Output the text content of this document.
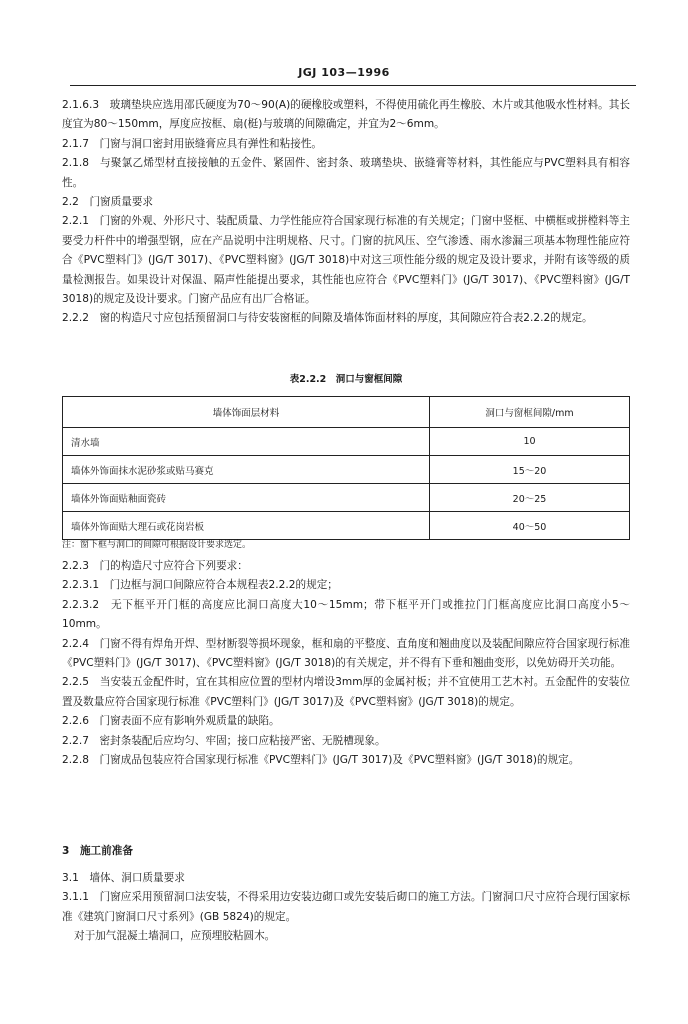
JGJ 103—1996

2.1.6.3　玻璃垫块应选用邵氏硬度为70～90(A)的硬橡胶或塑料，不得使用硫化再生橡胶、木片或其他吸水性材料。其长度宜为80～150mm，厚度应按框、扇(梃)与玻璃的间隙确定，并宜为2～6mm。

2.1.7　门窗与洞口密封用嵌缝膏应具有弹性和粘接性。

2.1.8　与聚氯乙烯型材直接接触的五金件、紧固件、密封条、玻璃垫块、嵌缝膏等材料，其性能应与PVC塑料具有相容性。

2.2　门窗质量要求

2.2.1　门窗的外观、外形尺寸、装配质量、力学性能应符合国家现行标准的有关规定；门窗中竖框、中横框或拼樘料等主要受力杆件中的增强型钢，应在产品说明中注明规格、尺寸。门窗的抗风压、空气渗透、雨水渗漏三项基本物理性能应符合《PVC塑料门》(JG/T 3017)、《PVC塑料窗》(JG/T 3018)中对这三项性能分级的规定及设计要求，并附有该等级的质量检测报告。如果设计对保温、隔声性能提出要求，其性能也应符合《PVC塑料门》(JG/T 3017)、《PVC塑料窗》(JG/T 3018)的规定及设计要求。门窗产品应有出厂合格证。

2.2.2　窗的构造尺寸应包括预留洞口与待安装窗框的间隙及墙体饰面材料的厚度，其间隙应符合表2.2.2的规定。

表2.2.2　洞口与窗框间隙
墙体饰面层材料	洞口与窗框间隙/mm
清水墙	10
墙体外饰面抹水泥砂浆或贴马赛克	15～20
墙体外饰面贴釉面瓷砖	20～25
墙体外饰面贴大理石或花岗岩板	40～50
注：窗下框与洞口的间隙可根据设计要求选定。

2.2.3　门的构造尺寸应符合下列要求：

2.2.3.1　门边框与洞口间隙应符合本规程表2.2.2的规定；

2.2.3.2　无下框平开门框的高度应比洞口高度大10～15mm；带下框平开门或推拉门门框高度应比洞口高度小5～10mm。

2.2.4　门窗不得有焊角开焊、型材断裂等损坏现象，框和扇的平整度、直角度和翘曲度以及装配间隙应符合国家现行标准《PVC塑料门》(JG/T 3017)、《PVC塑料窗》(JG/T 3018)的有关规定，并不得有下垂和翘曲变形，以免妨碍开关功能。

2.2.5　当安装五金配件时，宜在其相应位置的型材内增设3mm厚的金属衬板；并不宜使用工艺木衬。五金配件的安装位置及数量应符合国家现行标准《PVC塑料门》(JG/T 3017)及《PVC塑料窗》(JG/T 3018)的规定。

2.2.6　门窗表面不应有影响外观质量的缺陷。

2.2.7　密封条装配后应均匀、牢固；接口应粘接严密、无脱槽现象。

2.2.8　门窗成品包装应符合国家现行标准《PVC塑料门》(JG/T 3017)及《PVC塑料窗》(JG/T 3018)的规定。

3　施工前准备

3.1　墙体、洞口质量要求

3.1.1　门窗应采用预留洞口法安装，不得采用边安装边砌口或先安装后砌口的施工方法。门窗洞口尺寸应符合现行国家标准《建筑门窗洞口尺寸系列》(GB 5824)的规定。

对于加气混凝土墙洞口，应预埋胶粘圆木。
